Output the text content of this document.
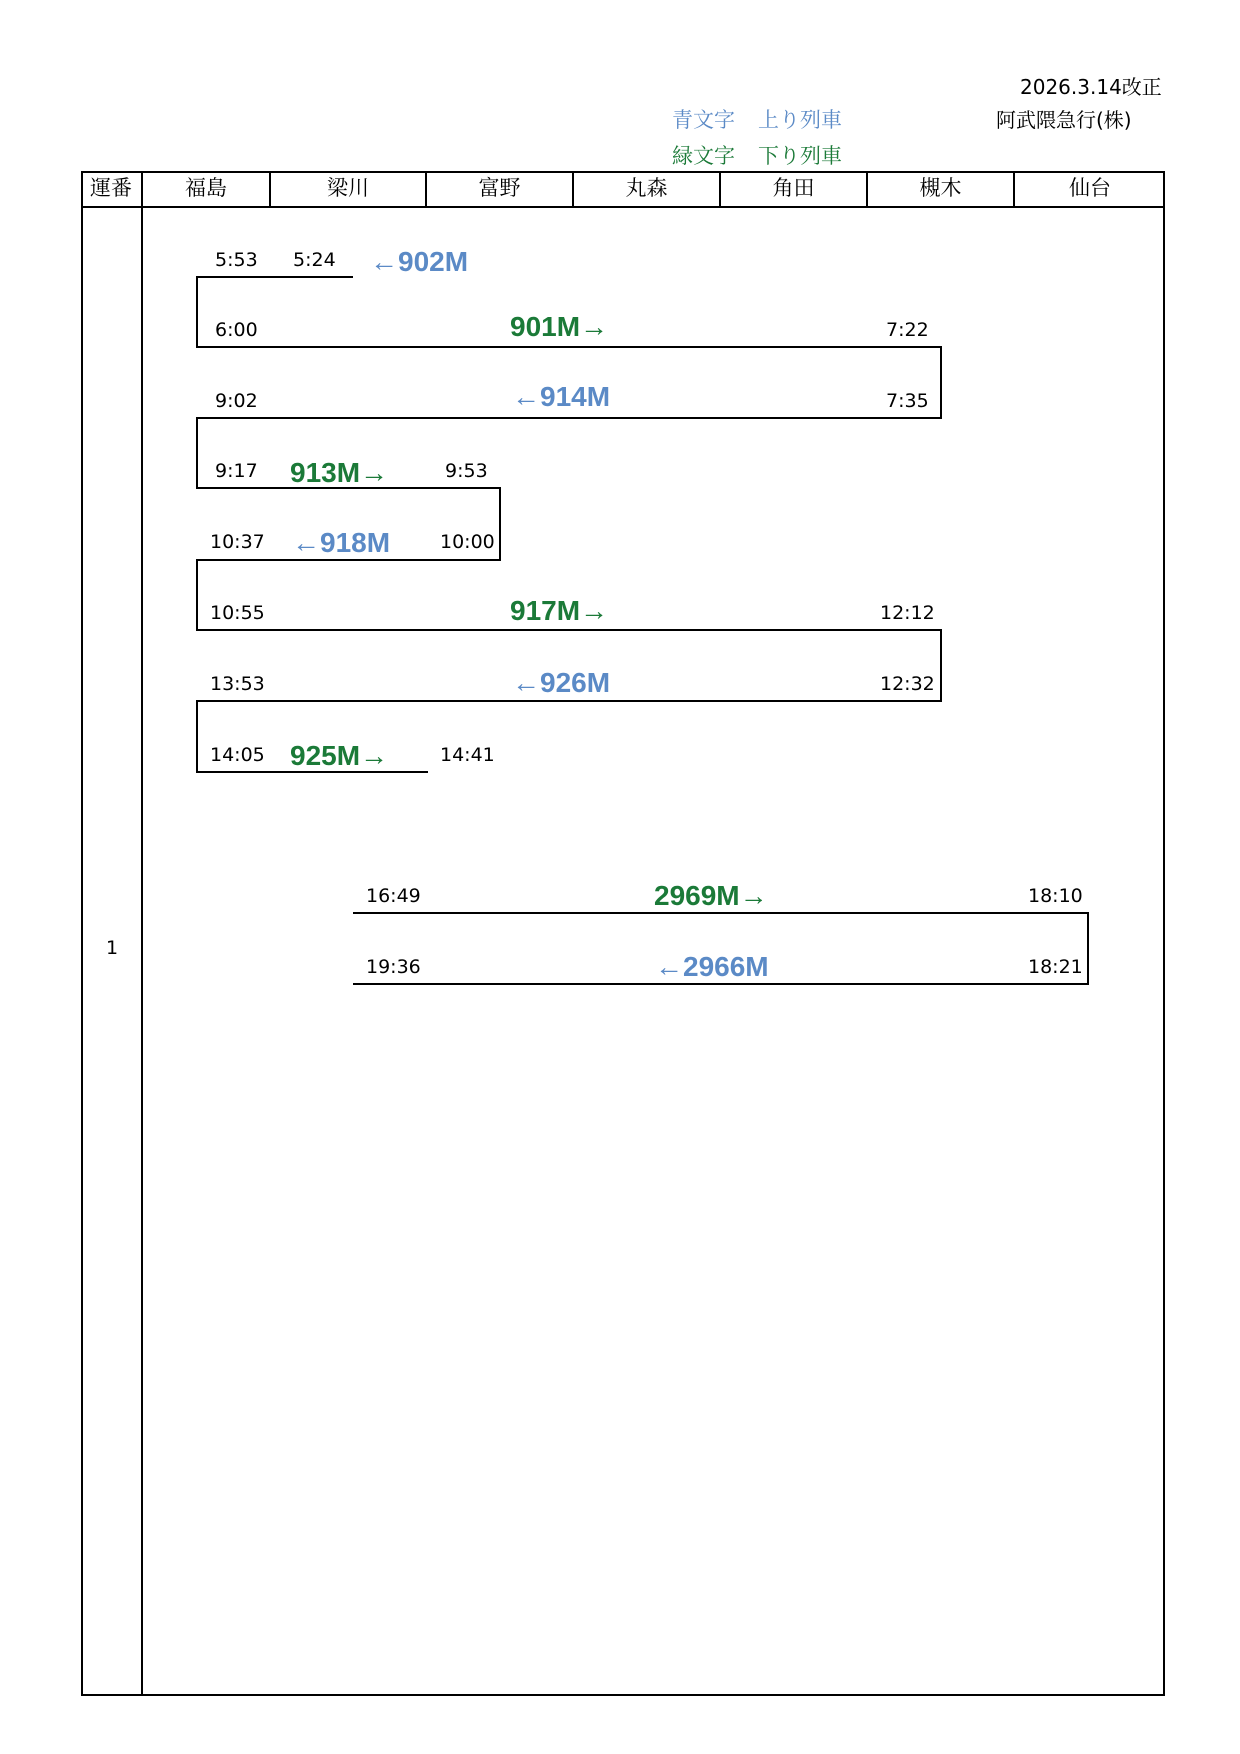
2026.3.14改正
阿武隈急行(株)
青文字 上り列車
緑文字 下り列車
運番	福島	梁川	富野	丸森	角田	槻木	仙台
1
5:53 5:24 ←902M
6:00	901M→	7:22
9:02	←914M	7:35
9:17 913M→	9:53
10:37 ←918M	10:00
10:55	917M→	12:12
13:53	←926M	12:32
14:05 925M→	14:41
16:49	2969M→	18:10
19:36	←2966M	18:21
